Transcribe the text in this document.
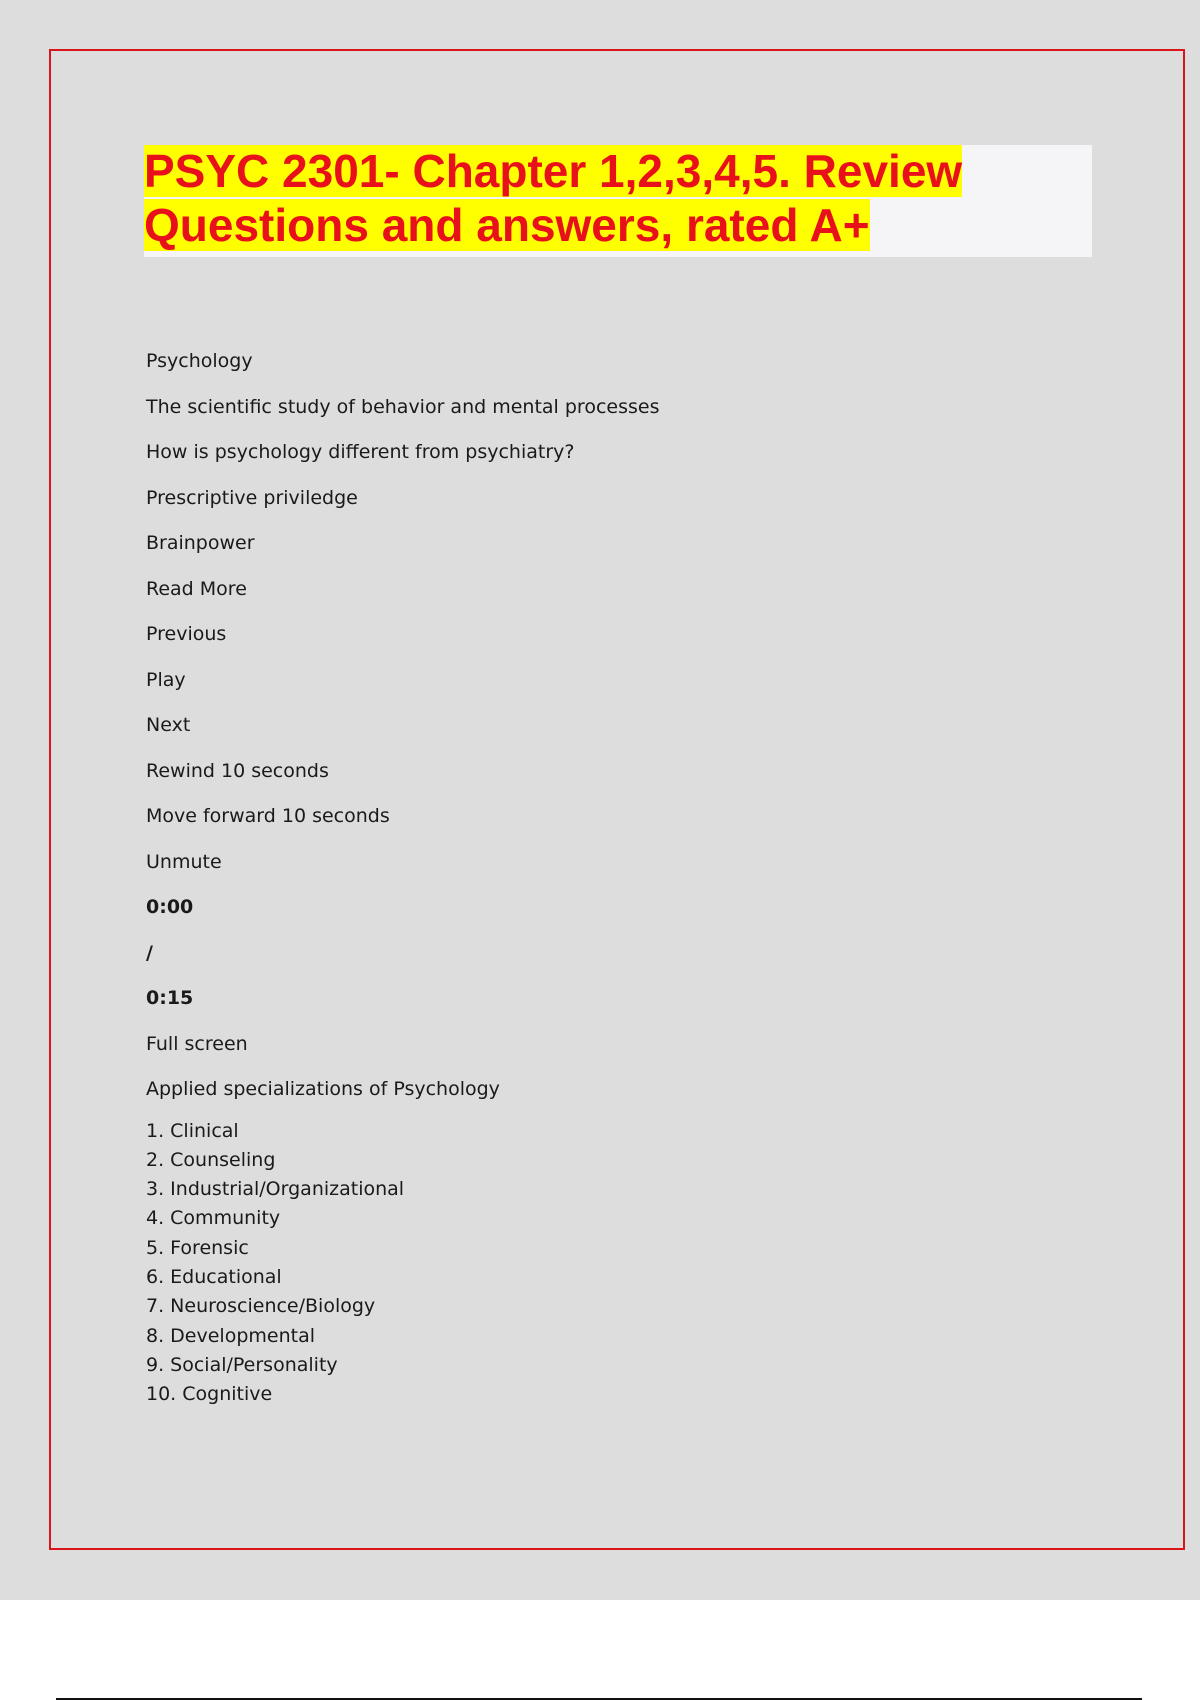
PSYC 2301- Chapter 1,2,3,4,5. Review
Questions and answers, rated A+
Psychology
The scientific study of behavior and mental processes
How is psychology different from psychiatry?
Prescriptive priviledge
Brainpower
Read More
Previous
Play
Next
Rewind 10 seconds
Move forward 10 seconds
Unmute
0:00
/
0:15
Full screen
Applied specializations of Psychology
1. Clinical
2. Counseling
3. Industrial/Organizational
4. Community
5. Forensic
6. Educational
7. Neuroscience/Biology
8. Developmental
9. Social/Personality
10. Cognitive
